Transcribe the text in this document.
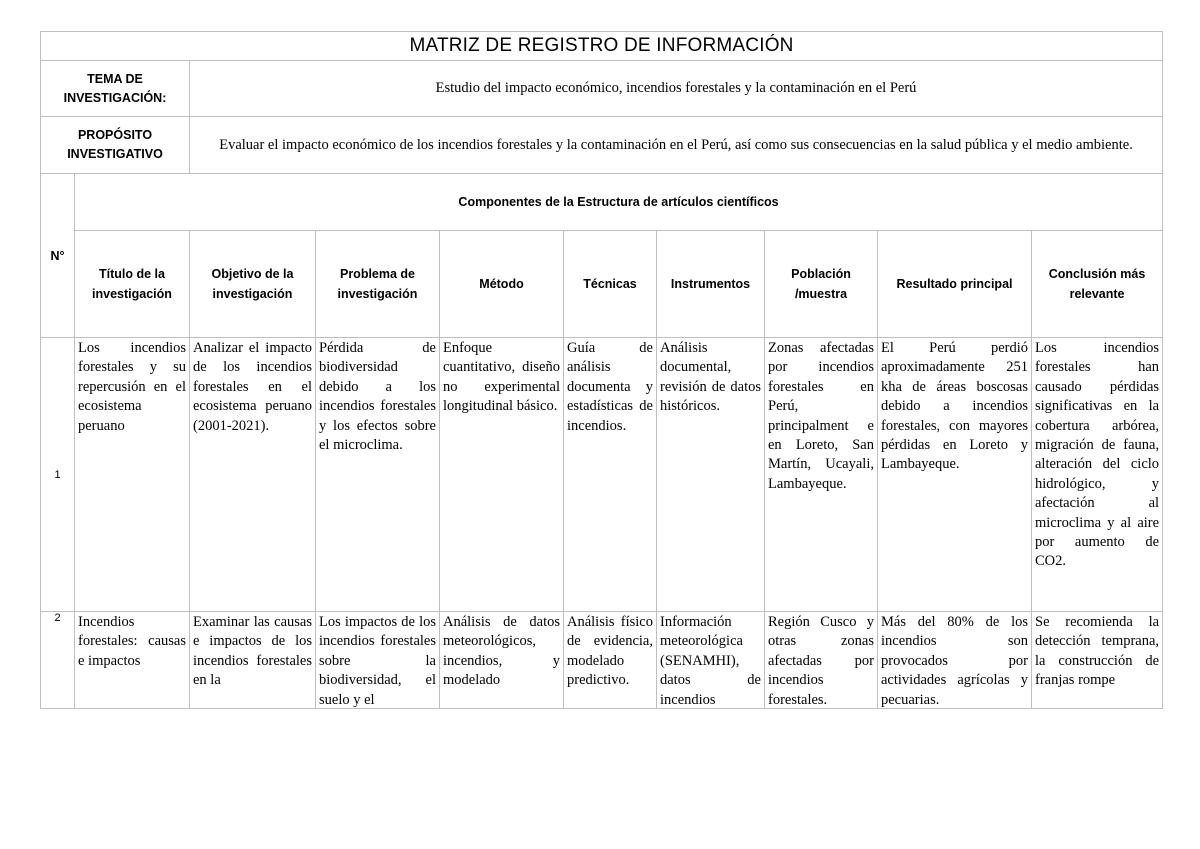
MATRIZ DE REGISTRO DE INFORMACIÓN									
TEMA DE INVESTIGACIÓN:		Estudio del impacto económico, incendios forestales y la contaminación en el Perú							
PROPÓSITO INVESTIGATIVO		Evaluar el impacto económico de los incendios forestales y la contaminación en el Perú, así como sus consecuencias en la salud pública y el medio ambiente.							
N°	Componentes de la Estructura de artículos científicos								
	Título de la investigación	Objetivo de la investigación	Problema de investigación	Método	Técnicas	Instrumentos	Población /muestra	Resultado principal	Conclusión más relevante
1	Los incendios forestales y su repercusión en el ecosistema peruano	Analizar el impacto de los incendios forestales en el ecosistema peruano (2001-2021).	Pérdida de biodiversidad debido a los incendios forestales y los efectos sobre el microclima.	Enfoque cuantitativo, diseño no experimental longitudinal básico.	Guía de análisis documenta y estadísticas de incendios.	Análisis documental, revisión de datos históricos.	Zonas afectadas por incendios forestales en Perú, principalment e en Loreto, San Martín, Ucayali, Lambayeque.	El Perú perdió aproximadamente 251 kha de áreas boscosas debido a incendios forestales, con mayores pérdidas en Loreto y Lambayeque.	Los incendios forestales han causado pérdidas significativas en la cobertura arbórea, migración de fauna, alteración del ciclo hidrológico, y afectación al microclima y al aire por aumento de CO2.
2	Incendios forestales: causas e impactos	Examinar las causas e impactos de los incendios forestales en la	Los impactos de los incendios forestales sobre la biodiversidad, el suelo y el	Análisis de datos meteorológicos, incendios, y modelado	Análisis físico de evidencia, modelado predictivo.	Información meteorológica (SENAMHI), datos de incendios	Región Cusco y otras zonas afectadas por incendios forestales.	Más del 80% de los incendios son provocados por actividades agrícolas y pecuarias.	Se recomienda la detección temprana, la construcción de franjas rompe
